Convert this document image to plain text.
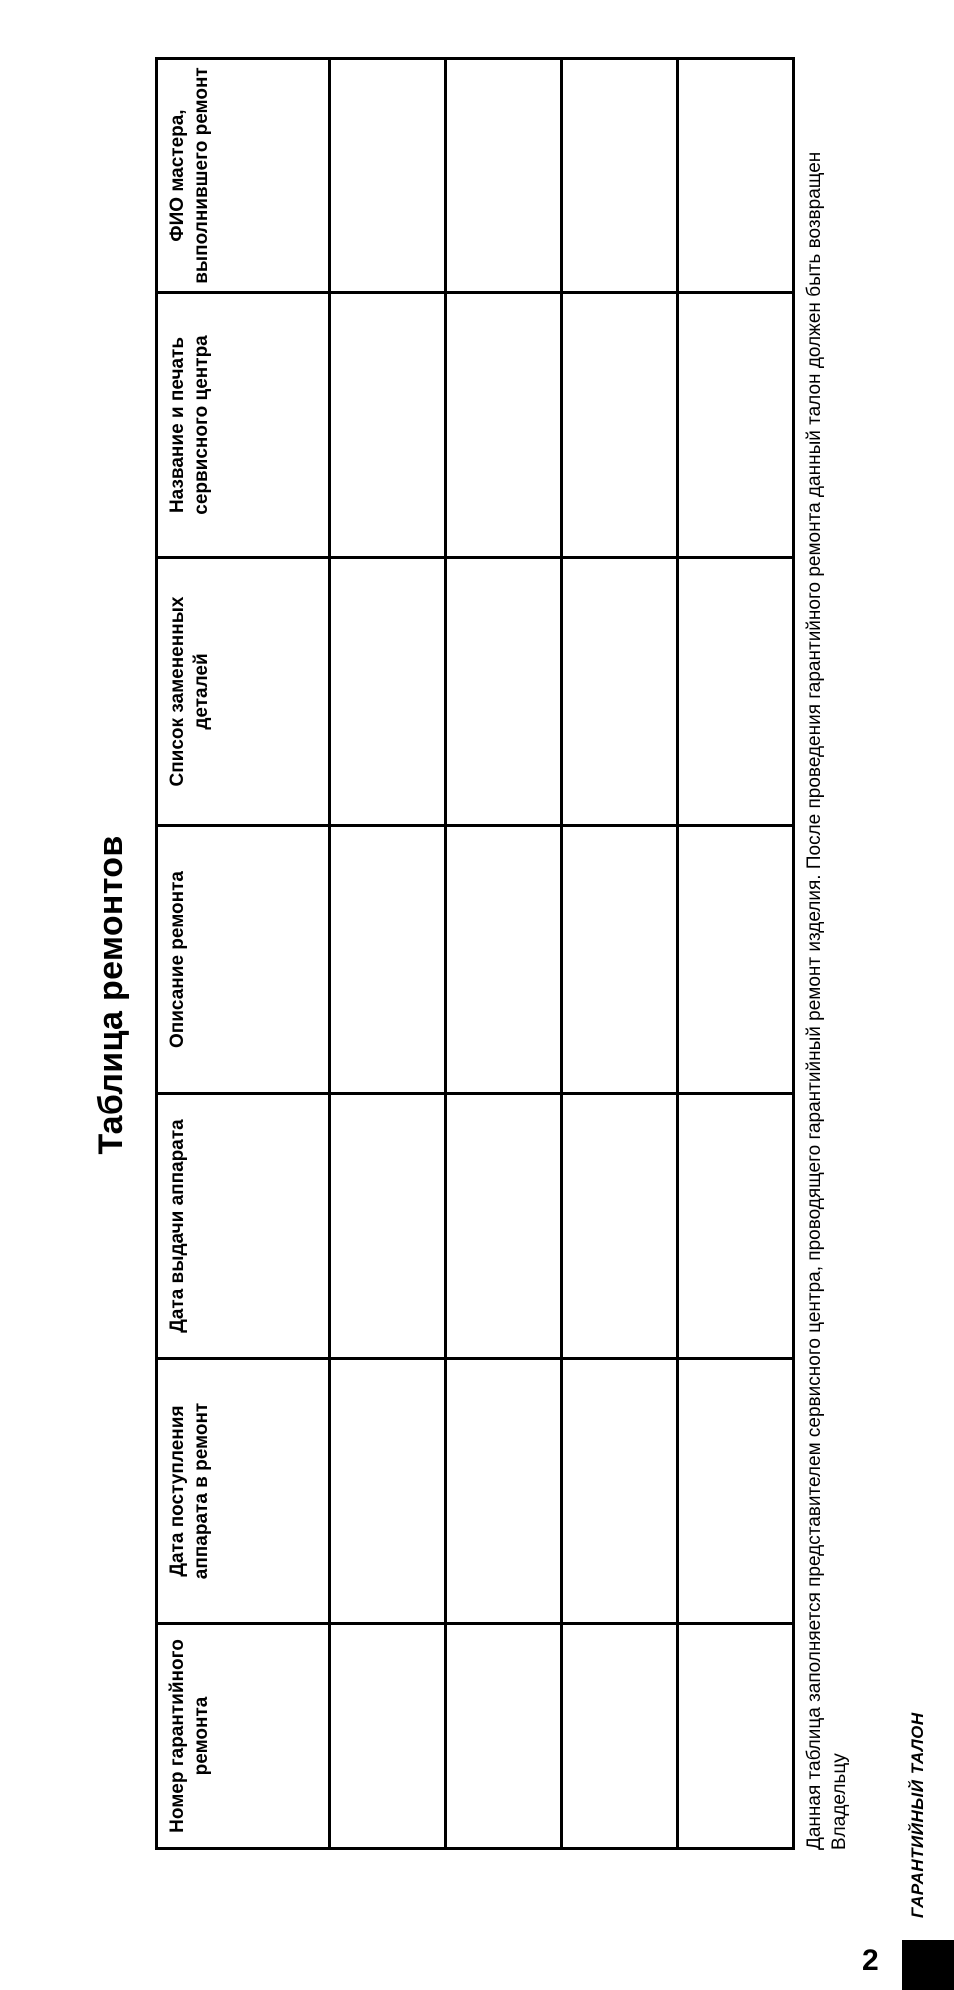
Таблица ремонтов
Номер гарантийного ремонта	Дата поступления аппарата в ремонт	Дата выдачи аппарата	Описание ремонта	Список замененных деталей	Название и печать сервисного центра	ФИО мастера, выполнившего ремонт

							Данная таблица заполняется представителем сервисного центра, проводящего гарантийный ремонт изделия. После проведения гарантийного ремонта данный талон должен быть возвращен Владельцу	ГАРАНТИЙНЫЙ ТАЛОН
2
